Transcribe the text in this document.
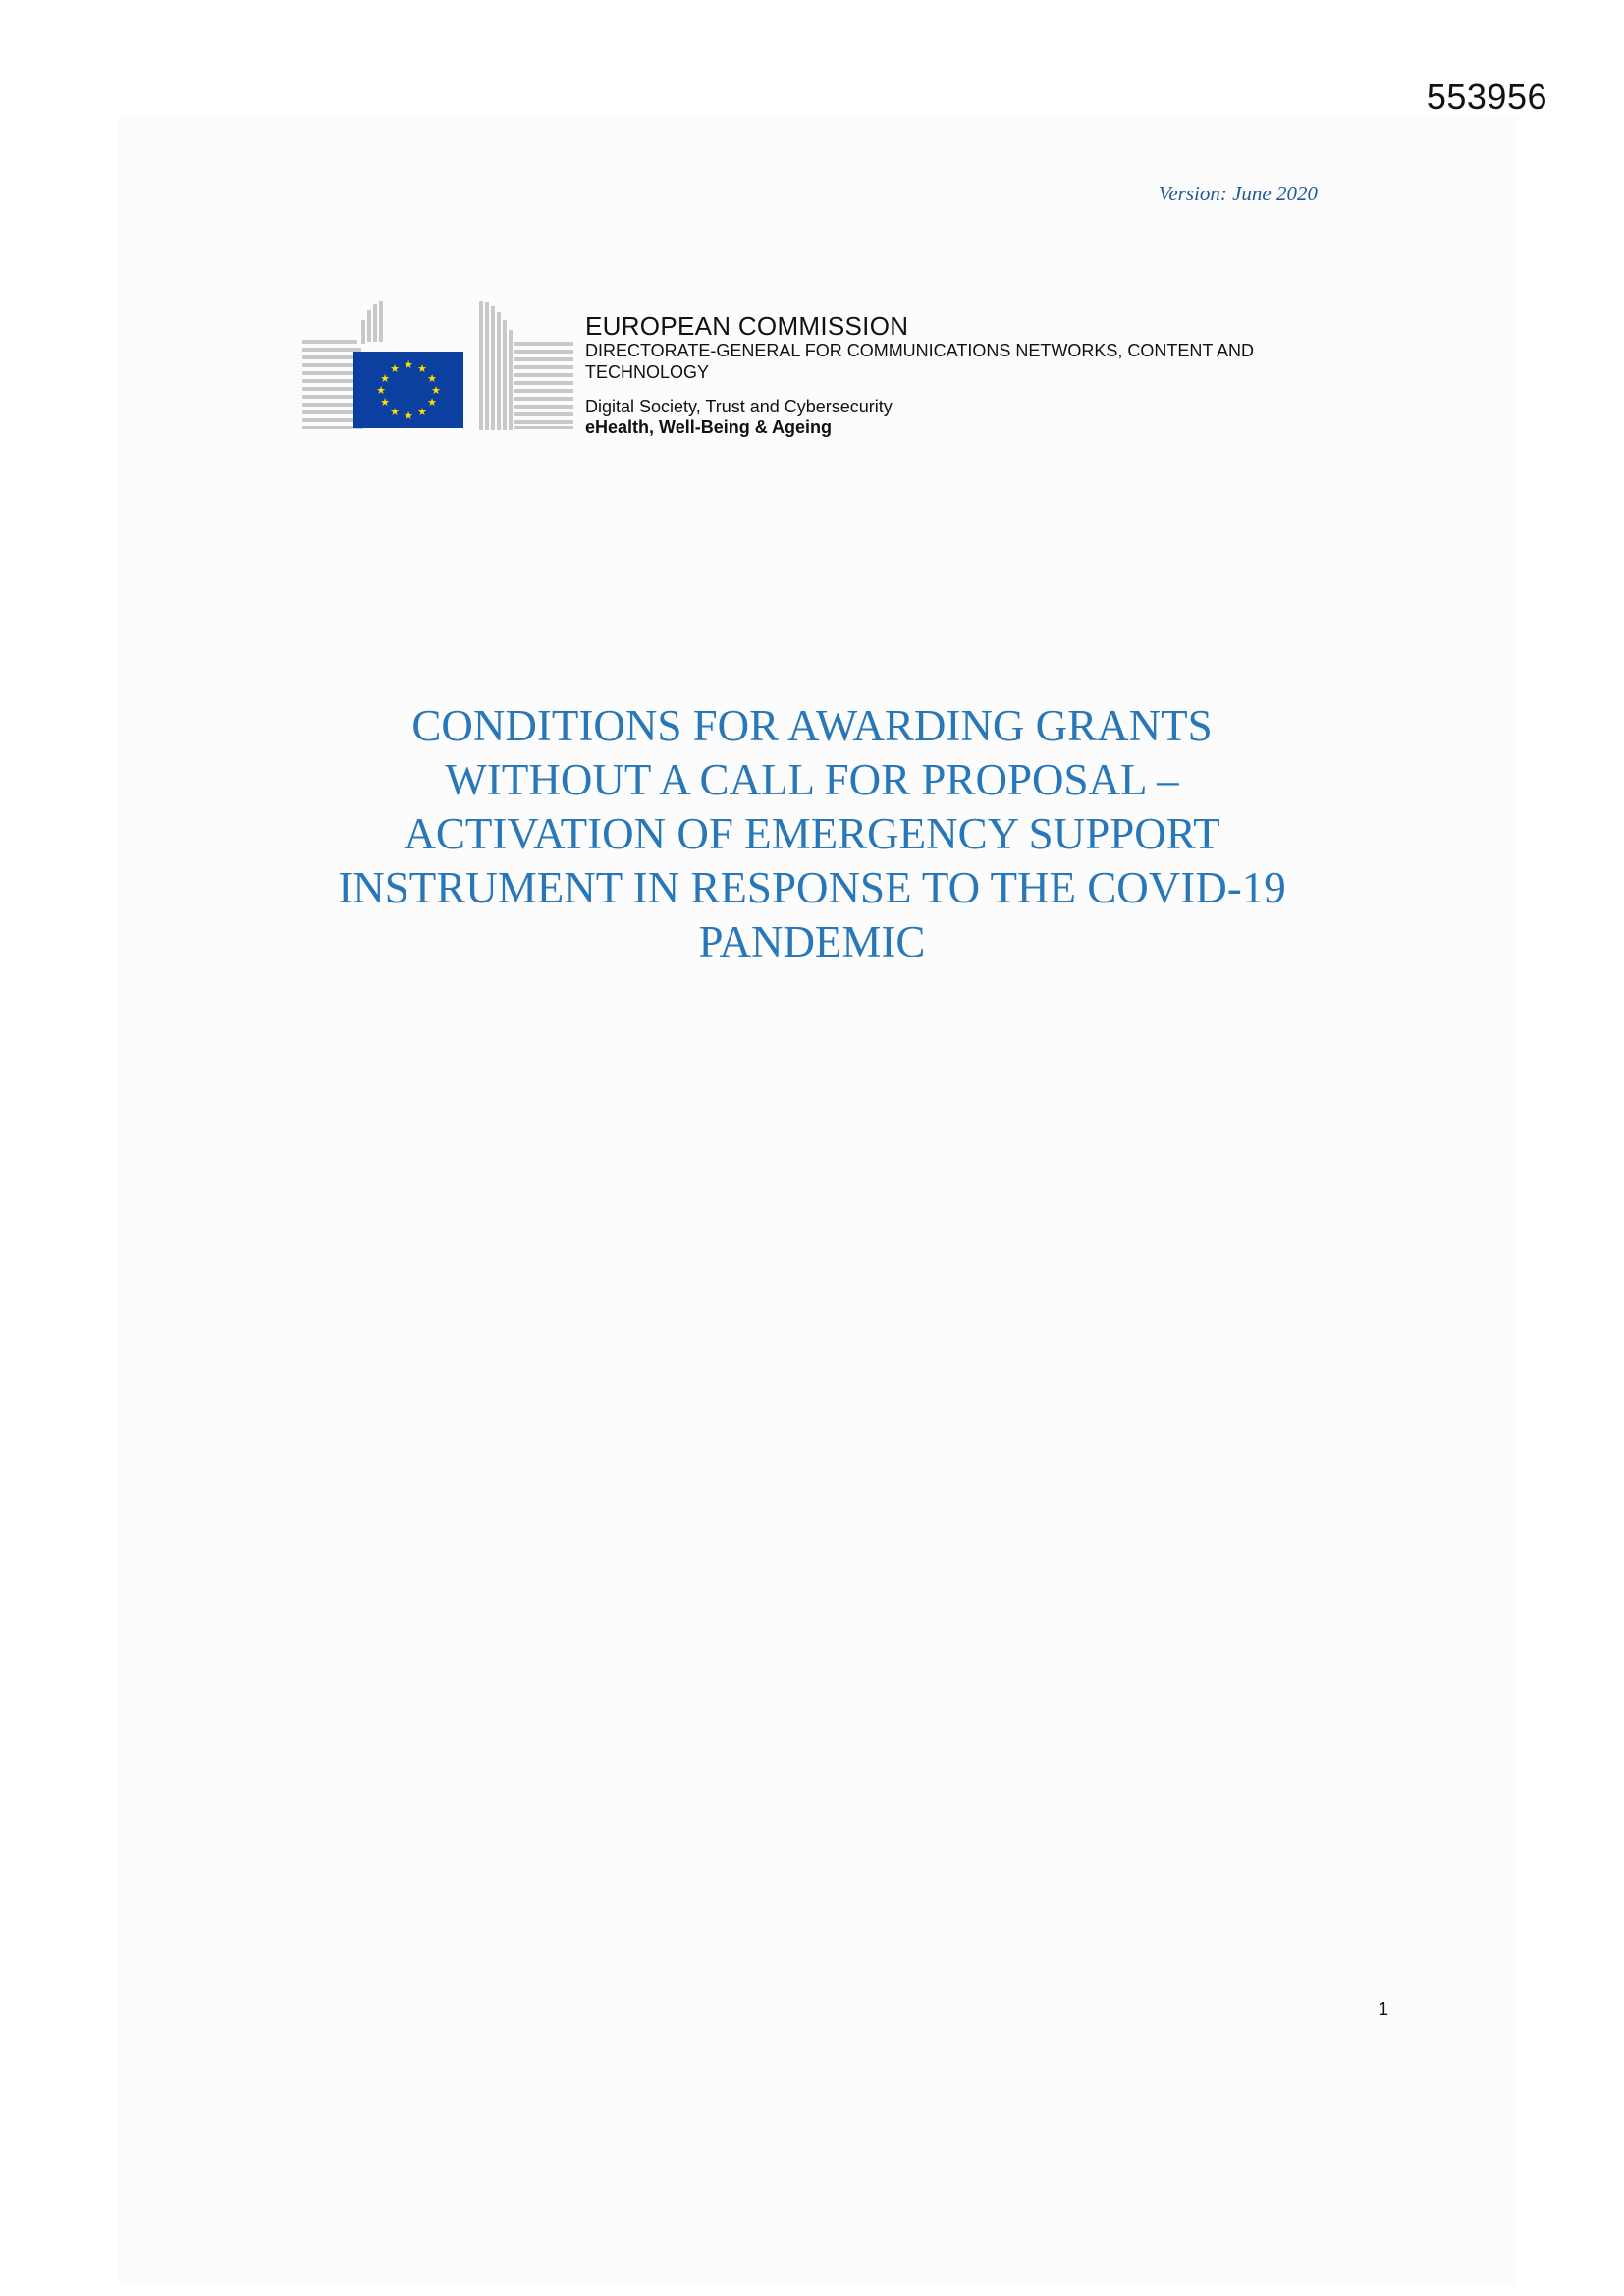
553956
Version: June 2020
★ ★
★
★
★
★
★
★
★
★
★
★
EUROPEAN COMMISSION
DIRECTORATE-GENERAL FOR COMMUNICATIONS NETWORKS, CONTENT AND TECHNOLOGY
Digital Society, Trust and Cybersecurity
eHealth, Well-Being & Ageing
CONDITIONS FOR AWARDING GRANTS
WITHOUT A CALL FOR PROPOSAL –
ACTIVATION OF EMERGENCY SUPPORT
INSTRUMENT IN RESPONSE TO THE COVID-19
PANDEMIC
1
